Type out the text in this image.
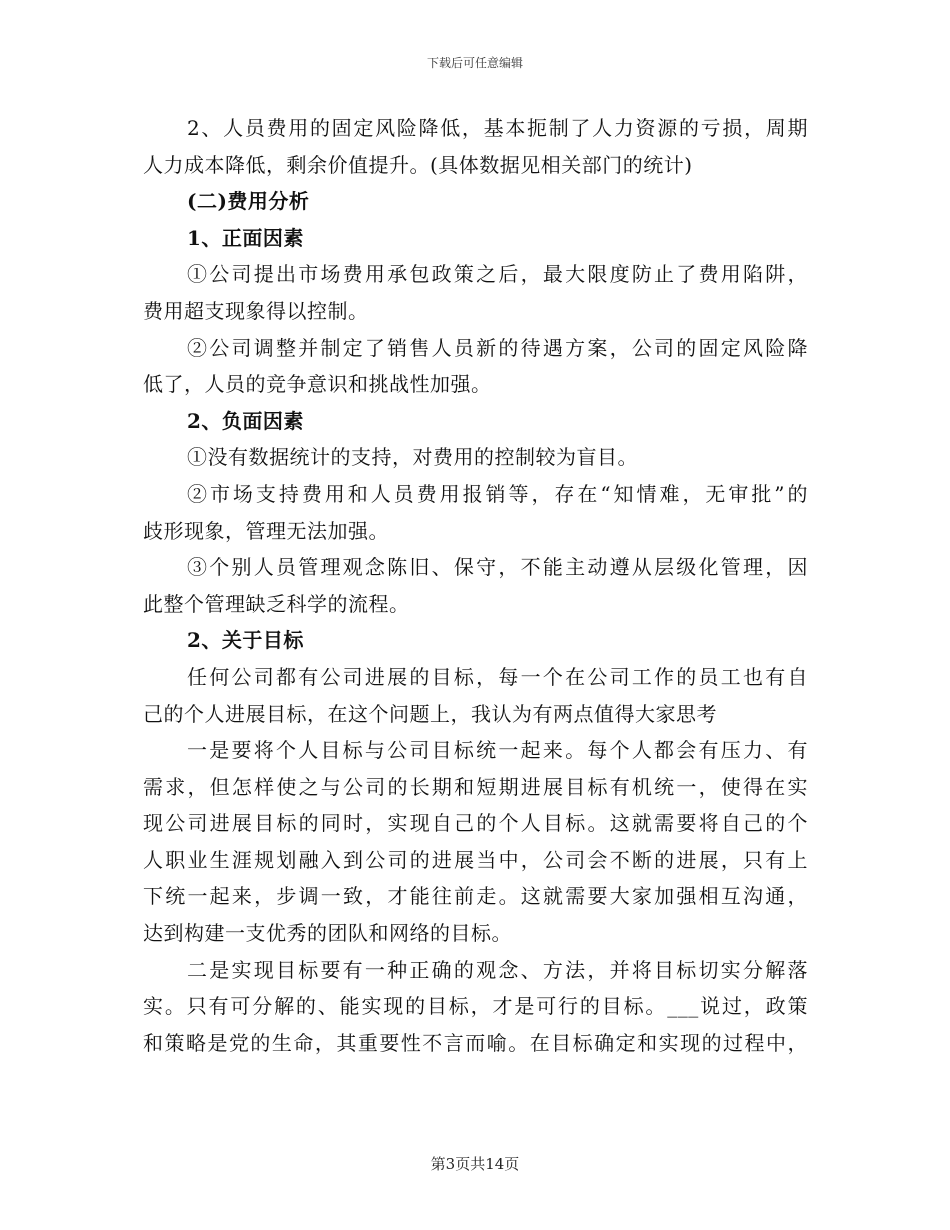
下载后可任意编辑
2、人员费用的固定风险降低，基本扼制了人力资源的亏损，周期
人力成本降低，剩余价值提升。(具体数据见相关部门的统计)
(二)费用分析
1、正面因素
①公司提出市场费用承包政策之后，最大限度防止了费用陷阱，
费用超支现象得以控制。
②公司调整并制定了销售人员新的待遇方案，公司的固定风险降
低了，人员的竞争意识和挑战性加强。
2、负面因素
①没有数据统计的支持，对费用的控制较为盲目。
②市场支持费用和人员费用报销等，存在“知情难，无审批”的
歧形现象，管理无法加强。
③个别人员管理观念陈旧、保守，不能主动遵从层级化管理，因
此整个管理缺乏科学的流程。
2、关于目标
任何公司都有公司进展的目标，每一个在公司工作的员工也有自
己的个人进展目标，在这个问题上，我认为有两点值得大家思考
一是要将个人目标与公司目标统一起来。每个人都会有压力、有
需求，但怎样使之与公司的长期和短期进展目标有机统一，使得在实
现公司进展目标的同时，实现自己的个人目标。这就需要将自己的个
人职业生涯规划融入到公司的进展当中，公司会不断的进展，只有上
下统一起来，步调一致，才能往前走。这就需要大家加强相互沟通，
达到构建一支优秀的团队和网络的目标。
二是实现目标要有一种正确的观念、方法，并将目标切实分解落
实。只有可分解的、能实现的目标，才是可行的目标。___说过，政策
和策略是党的生命，其重要性不言而喻。在目标确定和实现的过程中，
第3页共14页
